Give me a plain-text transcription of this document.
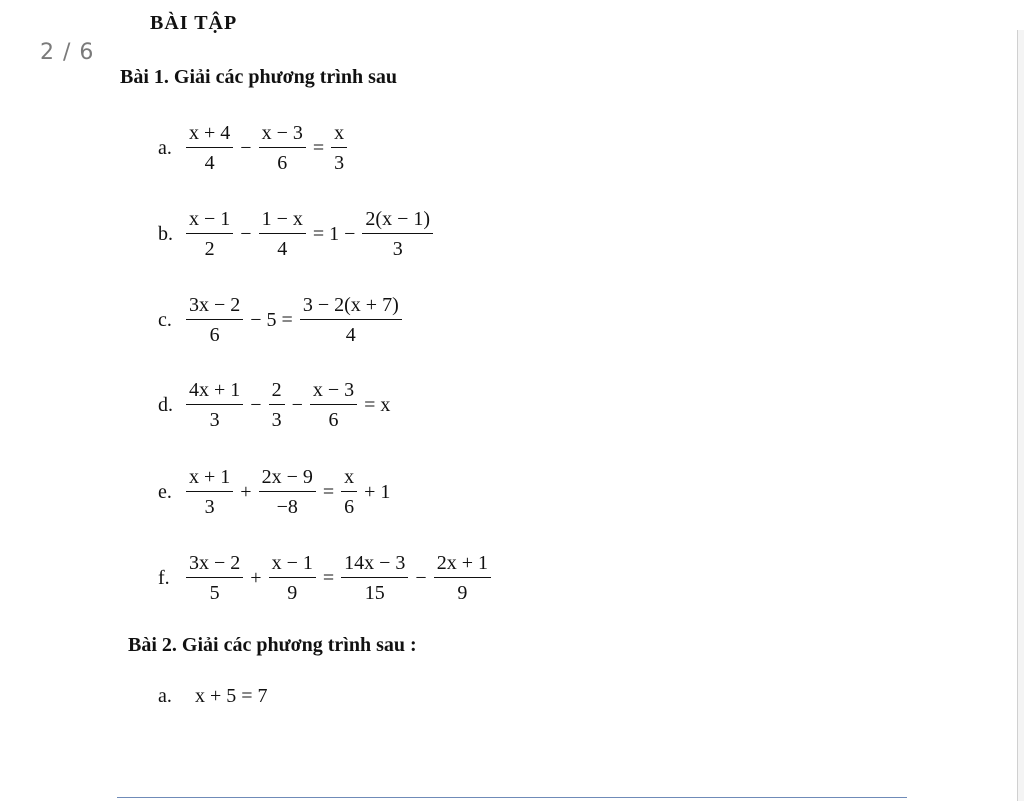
2 / 6
BÀI TẬP
Bài 1. Giải các phương trình sau
a. $\frac{x + 4}{4} - \frac{x - 3}{6} = \frac{x}{3}$
b. $\frac{x - 1}{2} - \frac{1 - x}{4} = 1 - \frac{2(x - 1)}{3}$
c. $\frac{3x - 2}{6} - 5 = \frac{3 - 2(x + 7)}{4}$
d. $\frac{4x + 1}{3} - \frac{2}{3} - \frac{x - 3}{6} = x$
e. $\frac{x + 1}{3} + \frac{2x - 9}{-8} = \frac{x}{6} + 1$
f. $\frac{3x - 2}{5} + \frac{x - 1}{9} = \frac{14x - 3}{15} - \frac{2x + 1}{9}$
Bài 2. Giải các phương trình sau :
a.	x + 5 = 7
